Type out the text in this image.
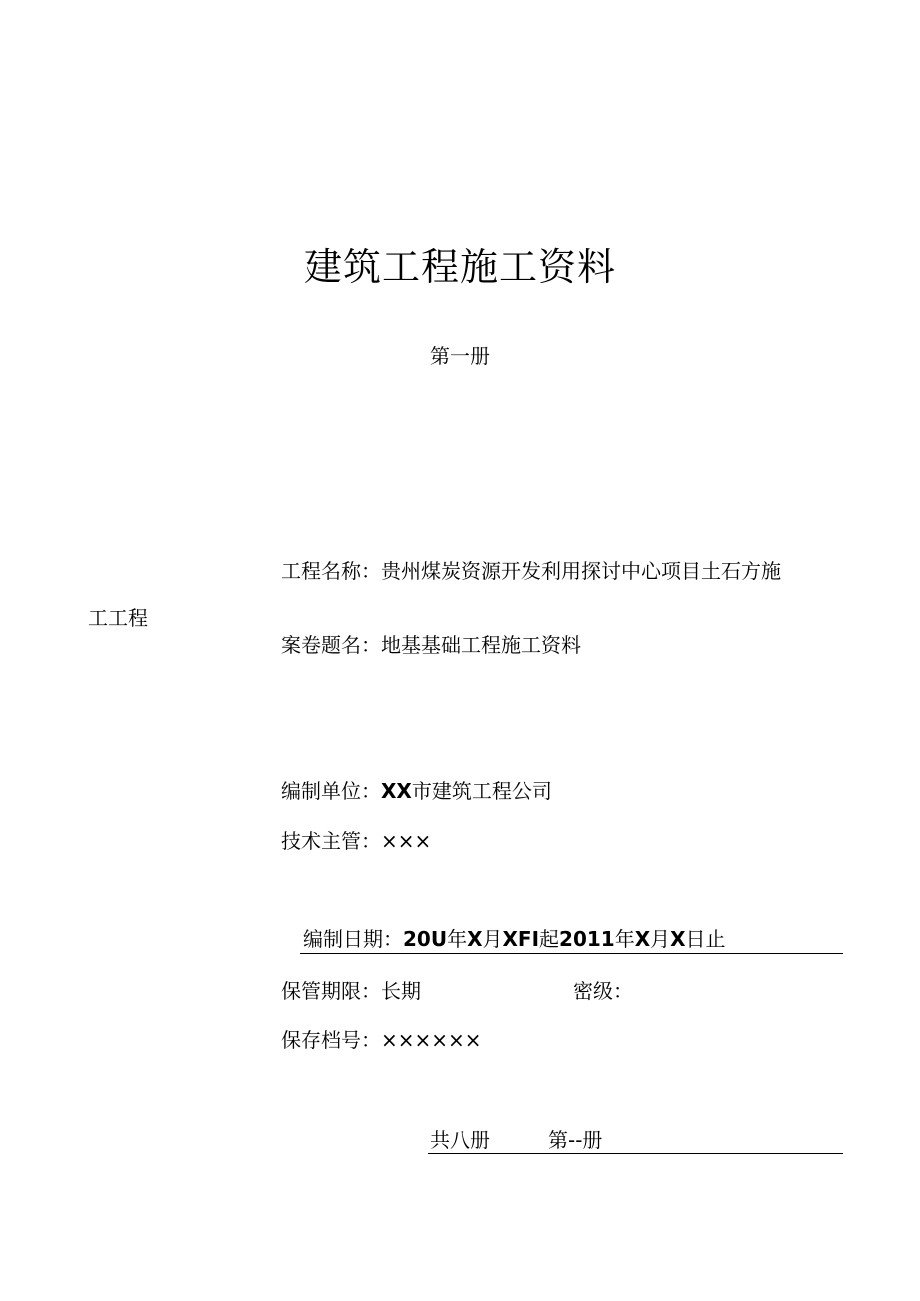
建筑工程施工资料
第一册
工程名称：贵州煤炭资源开发利用探讨中心项目土石方施
工工程
案卷题名：地基基础工程施工资料
编制单位：XX市建筑工程公司
技术主管：×××
编制日期：20U年X月XFI起2011年X月X日止
保管期限：长期	密级：
保存档号：××××××
共八册	第--册
